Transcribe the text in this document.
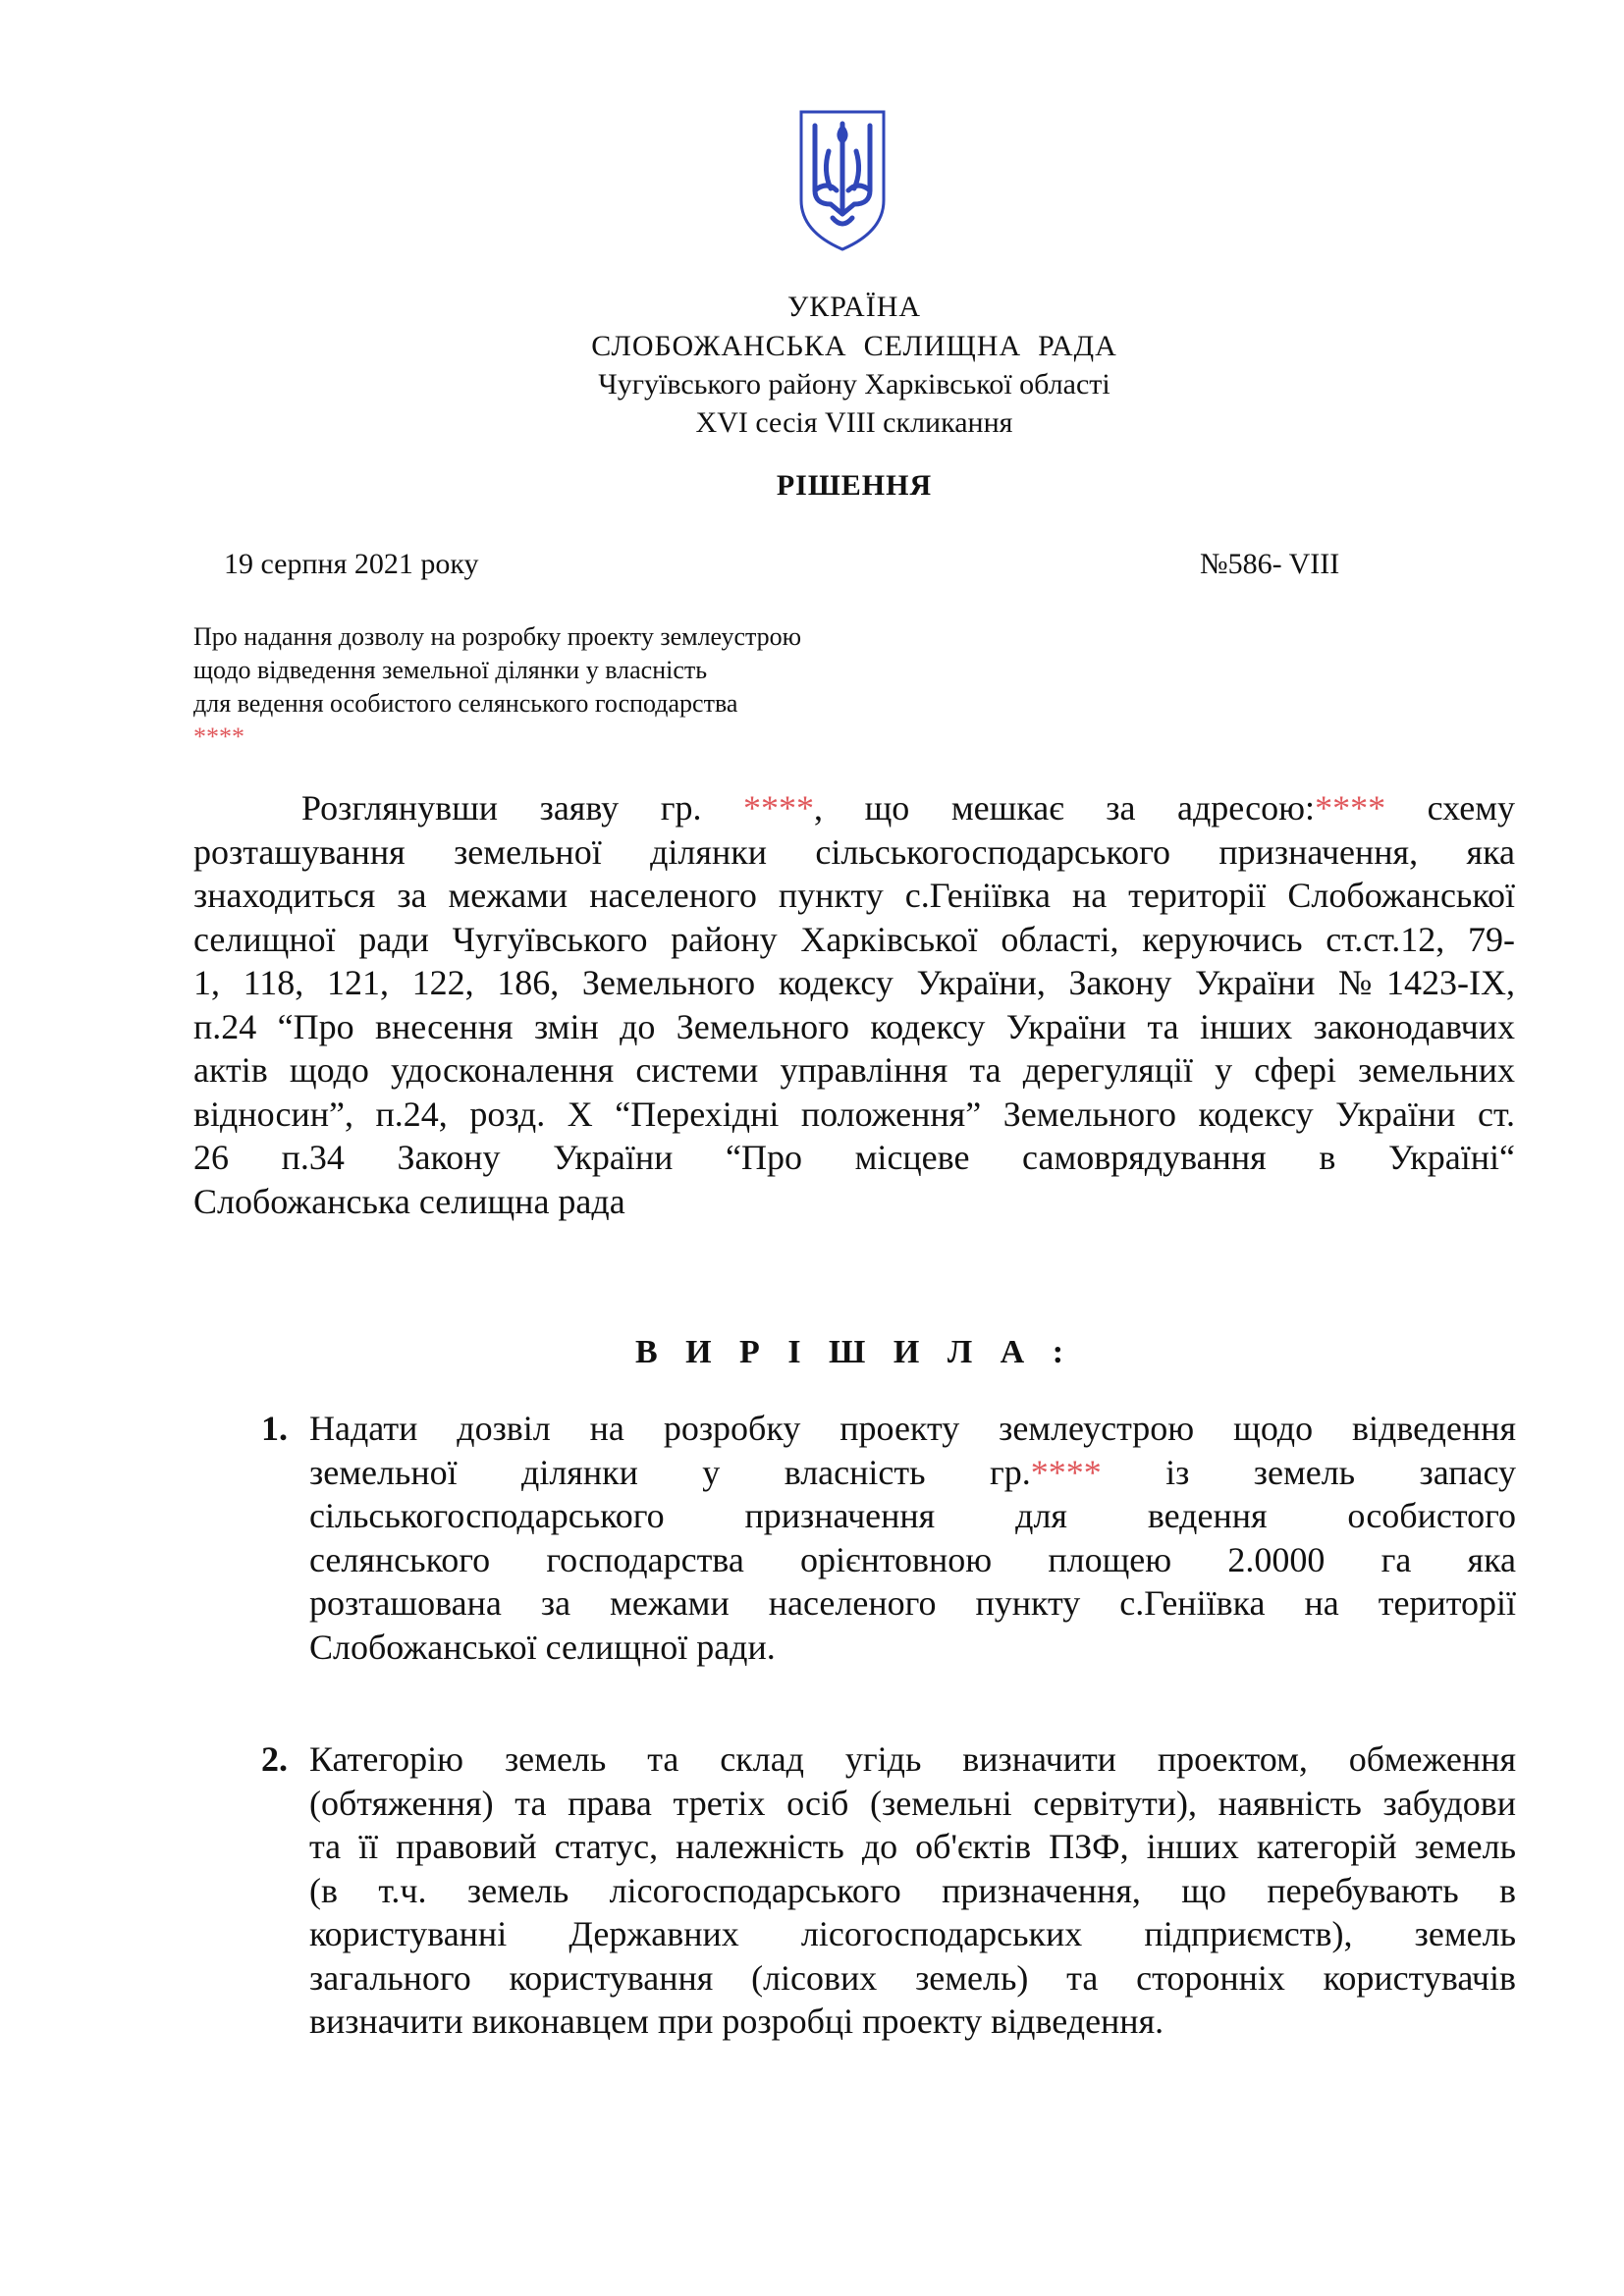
УКРАЇНА
СЛОБОЖАНСЬКА  СЕЛИЩНА  РАДА
Чугуївського району Харківської області
XVI сесія VIII скликання
РІШЕННЯ
19 серпня 2021 року	№586- VIII
Про надання дозволу на розробку проекту землеустрою
щодо відведення земельної ділянки у власність
для ведення особистого селянського господарства
****
Розглянувши заяву гр. ****, що мешкає за адресою:**** схему
розташування земельної ділянки сільськогосподарського призначення, яка
знаходиться за межами населеного пункту с.Геніївка на території Слобожанської
селищної ради Чугуївського району Харківської області, керуючись ст.ст.12, 79-
1, 118, 121, 122, 186, Земельного кодексу України, Закону України №1423-IX,
п.24 “Про внесення змін до Земельного кодексу України та інших законодавчих
актів щодо удосконалення системи управління та дерегуляції у сфері земельних
відносин”, п.24, розд. X “Перехідні положення” Земельного кодексу України ст.
26 п.34 Закону України “Про місцеве самоврядування в Україні“
Слобожанська селищна рада
В И Р І Ш И Л А :
1. Надати дозвіл на розробку проекту землеустрою щодо відведення
земельної ділянки у власність гр.**** із земель запасу
сільськогосподарського призначення для ведення особистого
селянського господарства орієнтовною площею 2.0000 га яка
розташована за межами населеного пункту с.Геніївка на території
Слобожанської селищної ради.
2. Категорію земель та склад угідь визначити проектом, обмеження
(обтяження) та права третіх осіб (земельні сервітути), наявність забудови
та її правовий статус, належність до об'єктів ПЗФ, інших категорій земель
(в т.ч. земель лісогосподарського призначення, що перебувають в
користуванні Державних лісогосподарських підприємств), земель
загального користування (лісових земель) та сторонніх користувачів
визначити виконавцем при розробці проекту відведення.
